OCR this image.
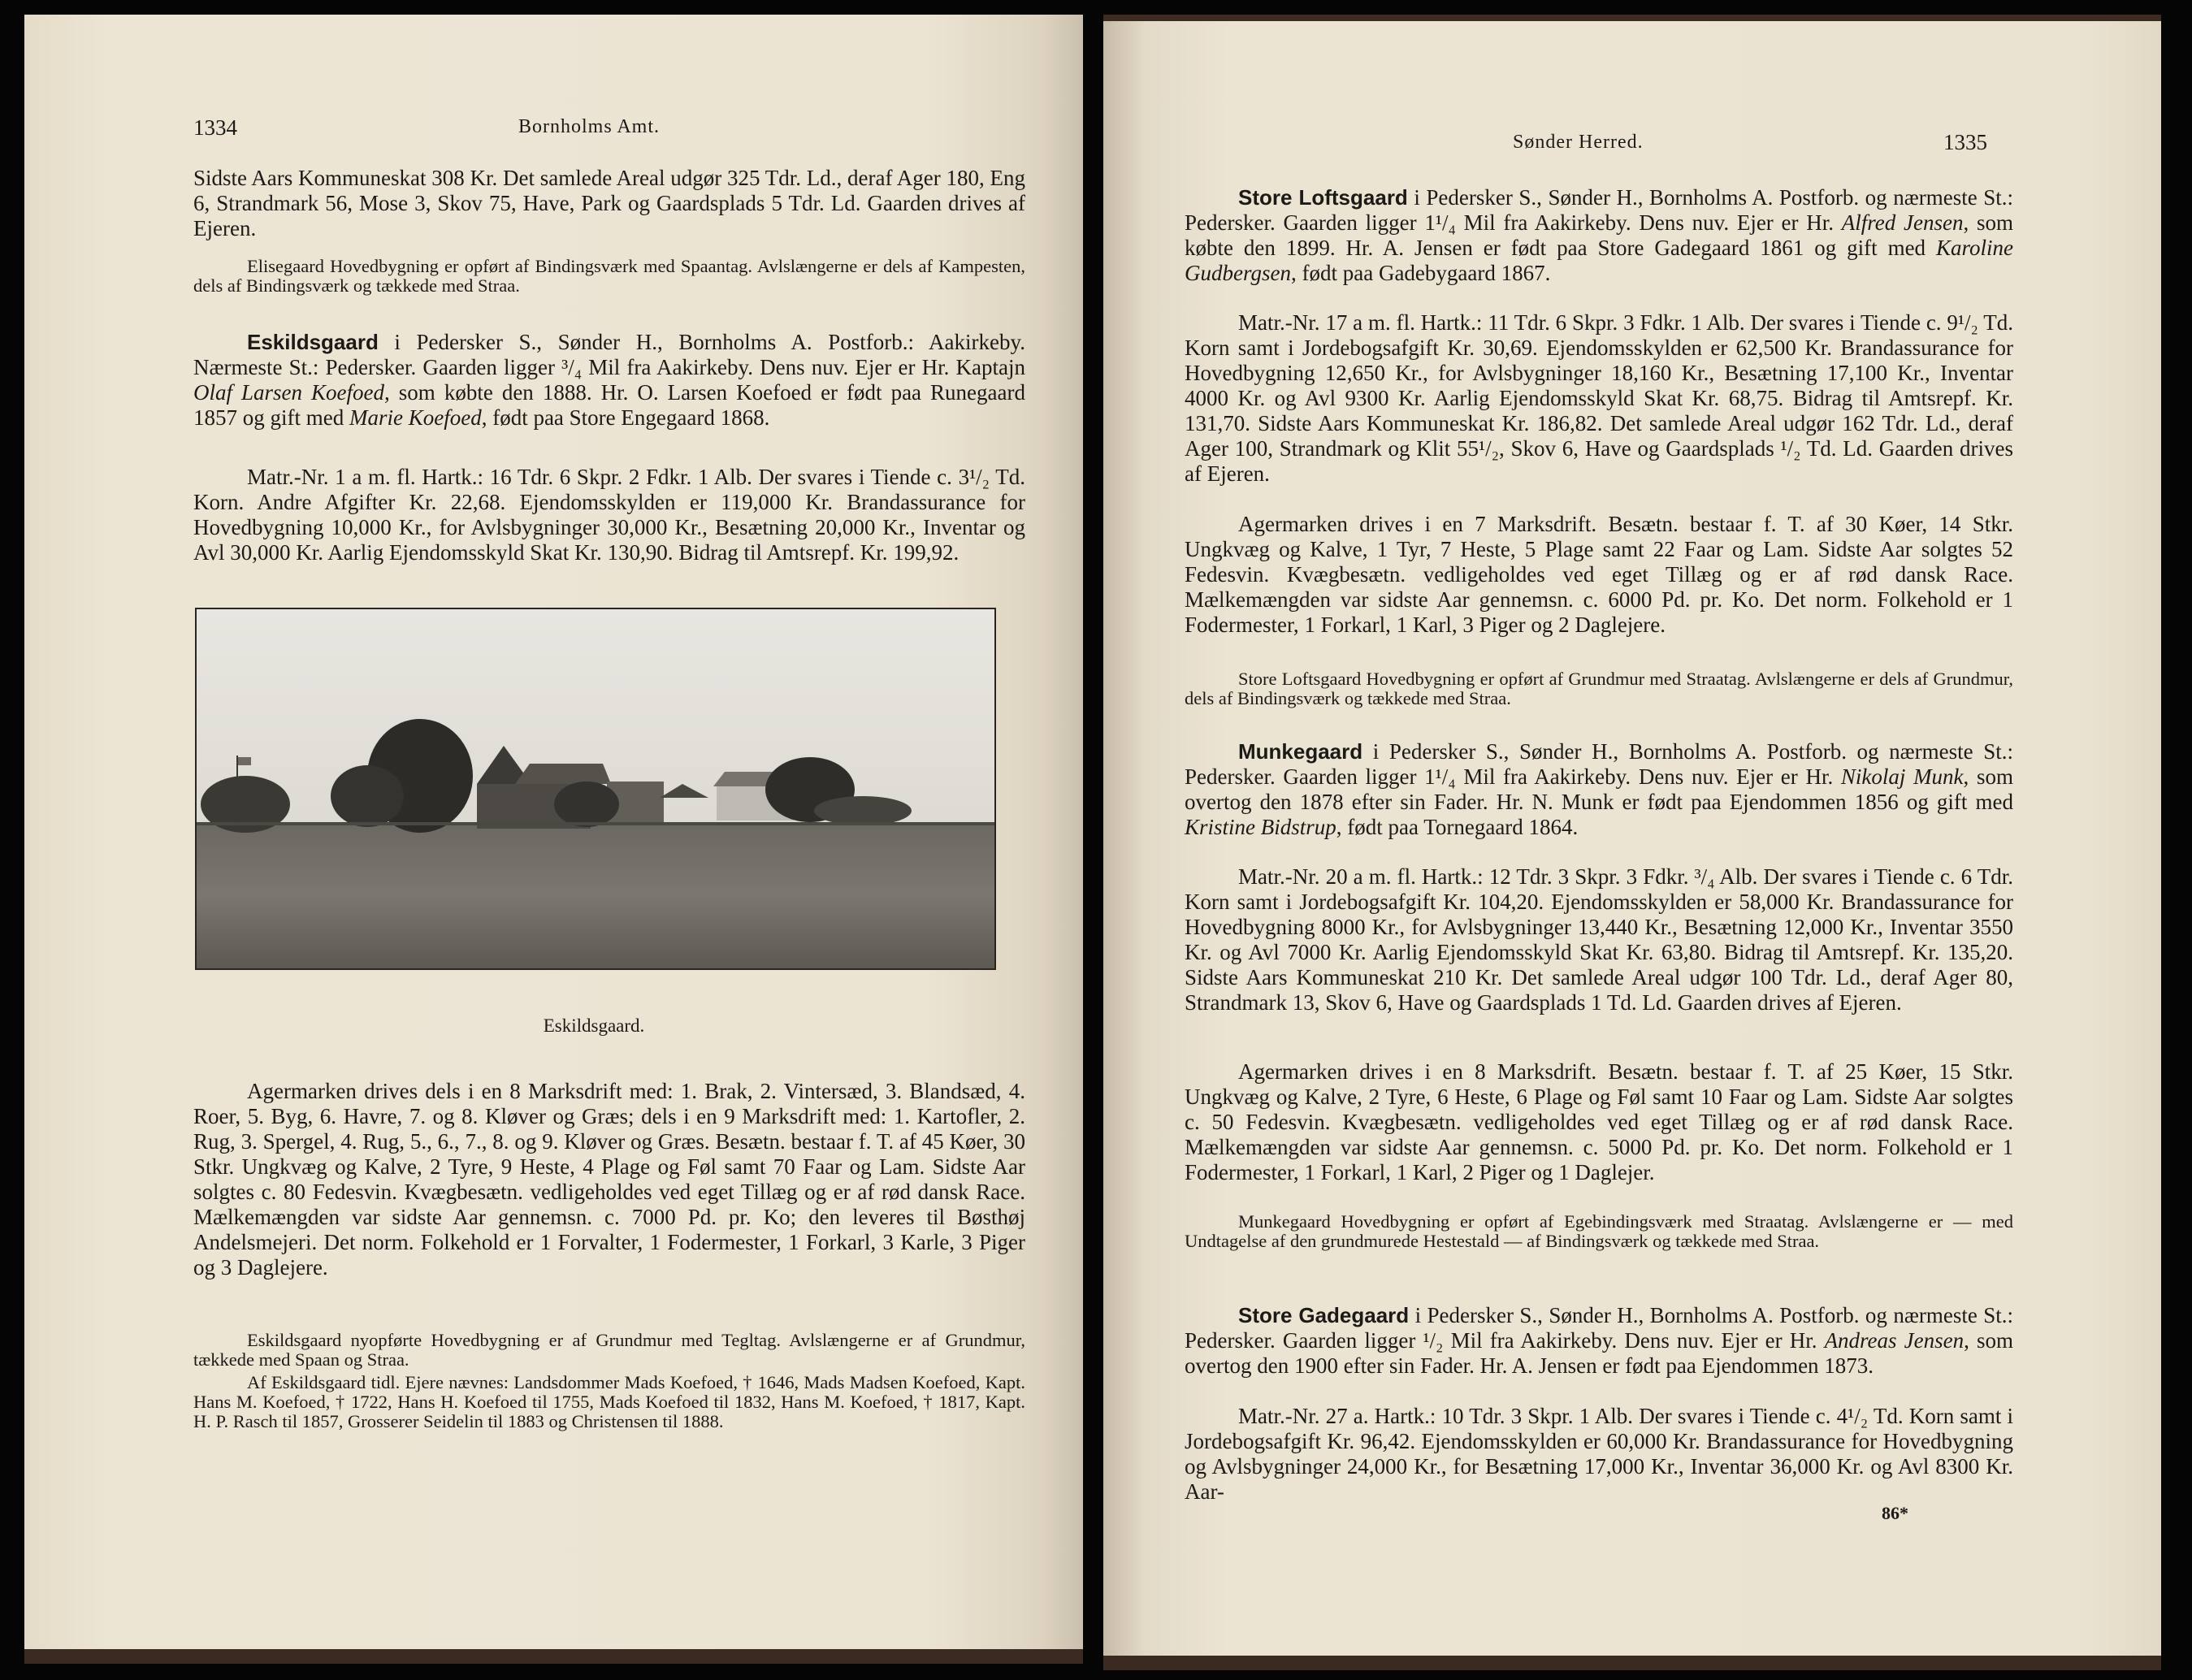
1334	Bornholms Amt.
Sidste Aars Kommuneskat 308 Kr. Det samlede Areal udgør 325 Tdr. Ld., deraf Ager 180, Eng 6, Strandmark 56, Mose 3, Skov 75, Have, Park og Gaardsplads 5 Tdr. Ld. Gaarden drives af Ejeren.
Elisegaard Hovedbygning er opført af Bindingsværk med Spaantag. Avlslængerne er dels af Kampesten, dels af Bindingsværk og tækkede med Straa.
Eskildsgaard i Pedersker S., Sønder H., Bornholms A. Postforb.: Aakirkeby. Nærmeste St.: Pedersker. Gaarden ligger ³/₄ Mil fra Aakirkeby. Dens nuv. Ejer er Hr. Kaptajn Olaf Larsen Koefoed, som købte den 1888. Hr. O. Larsen Koefoed er født paa Runegaard 1857 og gift med Marie Koefoed, født paa Store Engegaard 1868.
Matr.-Nr. 1 a m. fl. Hartk.: 16 Tdr. 6 Skpr. 2 Fdkr. 1 Alb. Der svares i Tiende c. 3¹/₂ Td. Korn. Andre Afgifter Kr. 22,68. Ejendomsskylden er 119,000 Kr. Brandassurance for Hovedbygning 10,000 Kr., for Avlsbygninger 30,000 Kr., Besætning 20,000 Kr., Inventar og Avl 30,000 Kr. Aarlig Ejendomsskyld Skat Kr. 130,90. Bidrag til Amtsrepf. Kr. 199,92.
Eskildsgaard.
Agermarken drives dels i en 8 Marksdrift med: 1. Brak, 2. Vintersæd, 3. Blandsæd, 4. Roer, 5. Byg, 6. Havre, 7. og 8. Kløver og Græs; dels i en 9 Marksdrift med: 1. Kartofler, 2. Rug, 3. Spergel, 4. Rug, 5., 6., 7., 8. og 9. Kløver og Græs. Besætn. bestaar f. T. af 45 Køer, 30 Stkr. Ungkvæg og Kalve, 2 Tyre, 9 Heste, 4 Plage og Føl samt 70 Faar og Lam. Sidste Aar solgtes c. 80 Fedesvin. Kvægbesætn. vedligeholdes ved eget Tillæg og er af rød dansk Race. Mælkemængden var sidste Aar gennemsn. c. 7000 Pd. pr. Ko; den leveres til Bøsthøj Andelsmejeri. Det norm. Folkehold er 1 Forvalter, 1 Fodermester, 1 Forkarl, 3 Karle, 3 Piger og 3 Daglejere.
Eskildsgaard nyopførte Hovedbygning er af Grundmur med Tegltag. Avlslængerne er af Grundmur, tækkede med Spaan og Straa.
Af Eskildsgaard tidl. Ejere nævnes: Landsdommer Mads Koefoed, † 1646, Mads Madsen Koefoed, Kapt. Hans M. Koefoed, † 1722, Hans H. Koefoed til 1755, Mads Koefoed til 1832, Hans M. Koefoed, † 1817, Kapt. H. P. Rasch til 1857, Grosserer Seidelin til 1883 og Christensen til 1888.
Sønder Herred.	1335
Store Loftsgaard i Pedersker S., Sønder H., Bornholms A. Postforb. og nærmeste St.: Pedersker. Gaarden ligger 1¹/₄ Mil fra Aakirkeby. Dens nuv. Ejer er Hr. Alfred Jensen, som købte den 1899. Hr. A. Jensen er født paa Store Gadegaard 1861 og gift med Karoline Gudbergsen, født paa Gadebygaard 1867.
Matr.-Nr. 17 a m. fl. Hartk.: 11 Tdr. 6 Skpr. 3 Fdkr. 1 Alb. Der svares i Tiende c. 9¹/₂ Td. Korn samt i Jordebogsafgift Kr. 30,69. Ejendomsskylden er 62,500 Kr. Brandassurance for Hovedbygning 12,650 Kr., for Avlsbygninger 18,160 Kr., Besætning 17,100 Kr., Inventar 4000 Kr. og Avl 9300 Kr. Aarlig Ejendomsskyld Skat Kr. 68,75. Bidrag til Amtsrepf. Kr. 131,70. Sidste Aars Kommuneskat Kr. 186,82. Det samlede Areal udgør 162 Tdr. Ld., deraf Ager 100, Strandmark og Klit 55¹/₂, Skov 6, Have og Gaardsplads ¹/₂ Td. Ld. Gaarden drives af Ejeren.
Agermarken drives i en 7 Marksdrift. Besætn. bestaar f. T. af 30 Køer, 14 Stkr. Ungkvæg og Kalve, 1 Tyr, 7 Heste, 5 Plage samt 22 Faar og Lam. Sidste Aar solgtes 52 Fedesvin. Kvægbesætn. vedligeholdes ved eget Tillæg og er af rød dansk Race. Mælkemængden var sidste Aar gennemsn. c. 6000 Pd. pr. Ko. Det norm. Folkehold er 1 Fodermester, 1 Forkarl, 1 Karl, 3 Piger og 2 Daglejere.
Store Loftsgaard Hovedbygning er opført af Grundmur med Straatag. Avlslængerne er dels af Grundmur, dels af Bindingsværk og tækkede med Straa.
Munkegaard i Pedersker S., Sønder H., Bornholms A. Postforb. og nærmeste St.: Pedersker. Gaarden ligger 1¹/₄ Mil fra Aakirkeby. Dens nuv. Ejer er Hr. Nikolaj Munk, som overtog den 1878 efter sin Fader. Hr. N. Munk er født paa Ejendommen 1856 og gift med Kristine Bidstrup, født paa Tornegaard 1864.
Matr.-Nr. 20 a m. fl. Hartk.: 12 Tdr. 3 Skpr. 3 Fdkr. ³/₄ Alb. Der svares i Tiende c. 6 Tdr. Korn samt i Jordebogsafgift Kr. 104,20. Ejendomsskylden er 58,000 Kr. Brandassurance for Hovedbygning 8000 Kr., for Avlsbygninger 13,440 Kr., Besætning 12,000 Kr., Inventar 3550 Kr. og Avl 7000 Kr. Aarlig Ejendomsskyld Skat Kr. 63,80. Bidrag til Amtsrepf. Kr. 135,20. Sidste Aars Kommuneskat 210 Kr. Det samlede Areal udgør 100 Tdr. Ld., deraf Ager 80, Strandmark 13, Skov 6, Have og Gaardsplads 1 Td. Ld. Gaarden drives af Ejeren.
Agermarken drives i en 8 Marksdrift. Besætn. bestaar f. T. af 25 Køer, 15 Stkr. Ungkvæg og Kalve, 2 Tyre, 6 Heste, 6 Plage og Føl samt 10 Faar og Lam. Sidste Aar solgtes c. 50 Fedesvin. Kvægbesætn. vedligeholdes ved eget Tillæg og er af rød dansk Race. Mælkemængden var sidste Aar gennemsn. c. 5000 Pd. pr. Ko. Det norm. Folkehold er 1 Fodermester, 1 Forkarl, 1 Karl, 2 Piger og 1 Daglejer.
Munkegaard Hovedbygning er opført af Egebindingsværk med Straatag. Avlslængerne er — med Undtagelse af den grundmurede Hestestald — af Bindingsværk og tækkede med Straa.
Store Gadegaard i Pedersker S., Sønder H., Bornholms A. Postforb. og nærmeste St.: Pedersker. Gaarden ligger ¹/₂ Mil fra Aakirkeby. Dens nuv. Ejer er Hr. Andreas Jensen, som overtog den 1900 efter sin Fader. Hr. A. Jensen er født paa Ejendommen 1873.
Matr.-Nr. 27 a. Hartk.: 10 Tdr. 3 Skpr. 1 Alb. Der svares i Tiende c. 4¹/₂ Td. Korn samt i Jordebogsafgift Kr. 96,42. Ejendomsskylden er 60,000 Kr. Brandassurance for Hovedbygning og Avlsbygninger 24,000 Kr., for Besætning 17,000 Kr., Inventar 36,000 Kr. og Avl 8300 Kr. Aar-
86*
